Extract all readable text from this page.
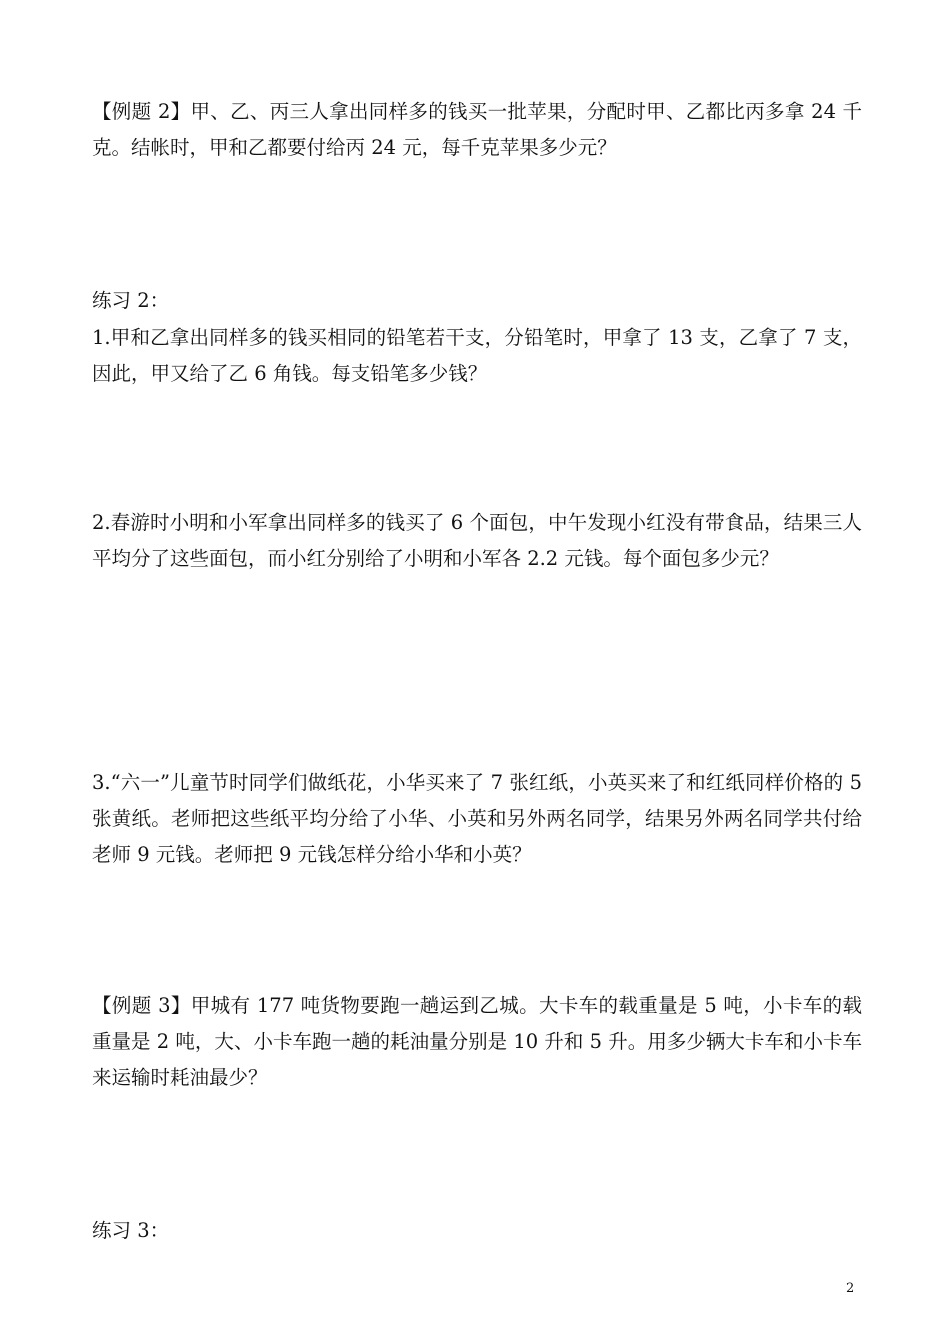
【例题 2】甲、乙、丙三人拿出同样多的钱买一批苹果，分配时甲、乙都比丙多拿 24 千克。结帐时，甲和乙都要付给丙 24 元，每千克苹果多少元？

练习 2：

1.甲和乙拿出同样多的钱买相同的铅笔若干支，分铅笔时，甲拿了 13 支，乙拿了 7 支，因此，甲又给了乙 6 角钱。每支铅笔多少钱？

2.春游时小明和小军拿出同样多的钱买了 6 个面包，中午发现小红没有带食品，结果三人平均分了这些面包，而小红分别给了小明和小军各 2.2 元钱。每个面包多少元？

3.“六一”儿童节时同学们做纸花，小华买来了 7 张红纸，小英买来了和红纸同样价格的 5 张黄纸。老师把这些纸平均分给了小华、小英和另外两名同学，结果另外两名同学共付给老师 9 元钱。老师把 9 元钱怎样分给小华和小英？

【例题 3】甲城有 177 吨货物要跑一趟运到乙城。大卡车的载重量是 5 吨，小卡车的载重量是 2 吨，大、小卡车跑一趟的耗油量分别是 10 升和 5 升。用多少辆大卡车和小卡车来运输时耗油最少？

练习 3：

2
